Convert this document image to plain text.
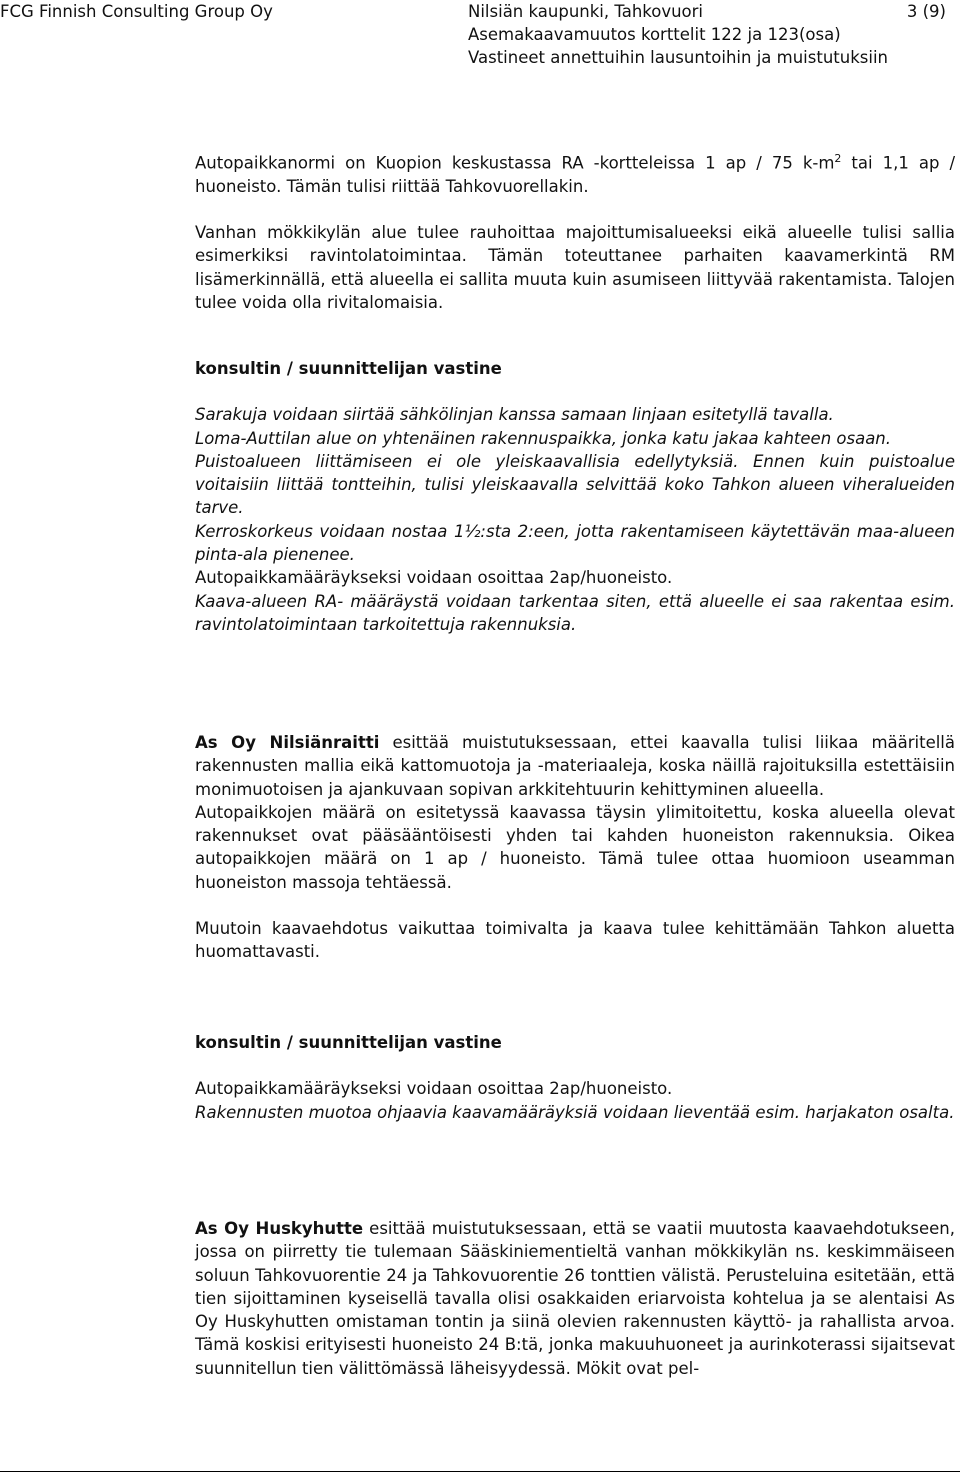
FCG Finnish Consulting Group Oy	Nilsiän kaupunki, Tahkovuori
Asemakaavamuutos korttelit 122 ja 123(osa)
Vastineet annettuihin lausuntoihin ja muistutuksiin
3 (9)

Autopaikkanormi on Kuopion keskustassa RA -kortteleissa 1 ap / 75 $k-m^2$ tai 1,1 ap / huoneisto. Tämän tulisi riittää Tahkovuorellakin.

Vanhan mökkikylän alue tulee rauhoittaa majoittumisalueeksi eikä alueelle tulisi sallia esimerkiksi ravintolatoimintaa. Tämän toteuttanee parhaiten kaavamerkintä RM lisämerkinnällä, että alueella ei sallita muuta kuin asumiseen liittyvää rakentamista. Talojen tulee voida olla rivitalomaisia.

konsultin / suunnittelijan vastine

Sarakuja voidaan siirtää sähkölinjan kanssa samaan linjaan esitetyllä tavalla.

Loma-Auttilan alue on yhtenäinen rakennuspaikka, jonka katu jakaa kahteen osaan.

Puistoalueen liittämiseen ei ole yleiskaavallisia edellytyksiä. Ennen kuin puistoalue voitaisiin liittää tontteihin, tulisi yleiskaavalla selvittää koko Tahkon alueen viheralueiden tarve.

Kerroskorkeus voidaan nostaa 1½:sta 2:een, jotta rakentamiseen käytettävän maa-alueen pinta-ala pienenee.

Autopaikkamääräykseksi voidaan osoittaa 2ap/huoneisto.

Kaava-alueen RA- määräystä voidaan tarkentaa siten, että alueelle ei saa rakentaa esim. ravintolatoimintaan tarkoitettuja rakennuksia.

As Oy Nilsiänraitti esittää muistutuksessaan, ettei kaavalla tulisi liikaa määritellä rakennusten mallia eikä kattomuotoja ja -materiaaleja, koska näillä rajoituksilla estettäisiin monimuotoisen ja ajankuvaan sopivan arkkitehtuurin kehittyminen alueella.

Autopaikkojen määrä on esitetyssä kaavassa täysin ylimitoitettu, koska alueella olevat rakennukset ovat pääsääntöisesti yhden tai kahden huoneiston rakennuksia. Oikea autopaikkojen määrä on 1 ap / huoneisto. Tämä tulee ottaa huomioon useamman huoneiston massoja tehtäessä.

Muutoin kaavaehdotus vaikuttaa toimivalta ja kaava tulee kehittämään Tahkon aluetta huomattavasti.

konsultin / suunnittelijan vastine

Autopaikkamääräykseksi voidaan osoittaa 2ap/huoneisto.

Rakennusten muotoa ohjaavia kaavamääräyksiä voidaan lieventää esim. harjakaton osalta.

As Oy Huskyhutte esittää muistutuksessaan, että se vaatii muutosta kaavaehdotukseen, jossa on piirretty tie tulemaan Sääskiniementieltä vanhan mökkikylän ns. keskimmäiseen soluun Tahkovuorentie 24 ja Tahkovuorentie 26 tonttien välistä. Perusteluina esitetään, että tien sijoittaminen kyseisellä tavalla olisi osakkaiden eriarvoista kohtelua ja se alentaisi As Oy Huskyhutten omistaman tontin ja siinä olevien rakennusten käyttö- ja rahallista arvoa. Tämä koskisi erityisesti huoneisto 24 B:tä, jonka makuuhuoneet ja aurinkoterassi sijaitsevat suunnitellun tien välittömässä läheisyydessä. Mökit ovat pel-
